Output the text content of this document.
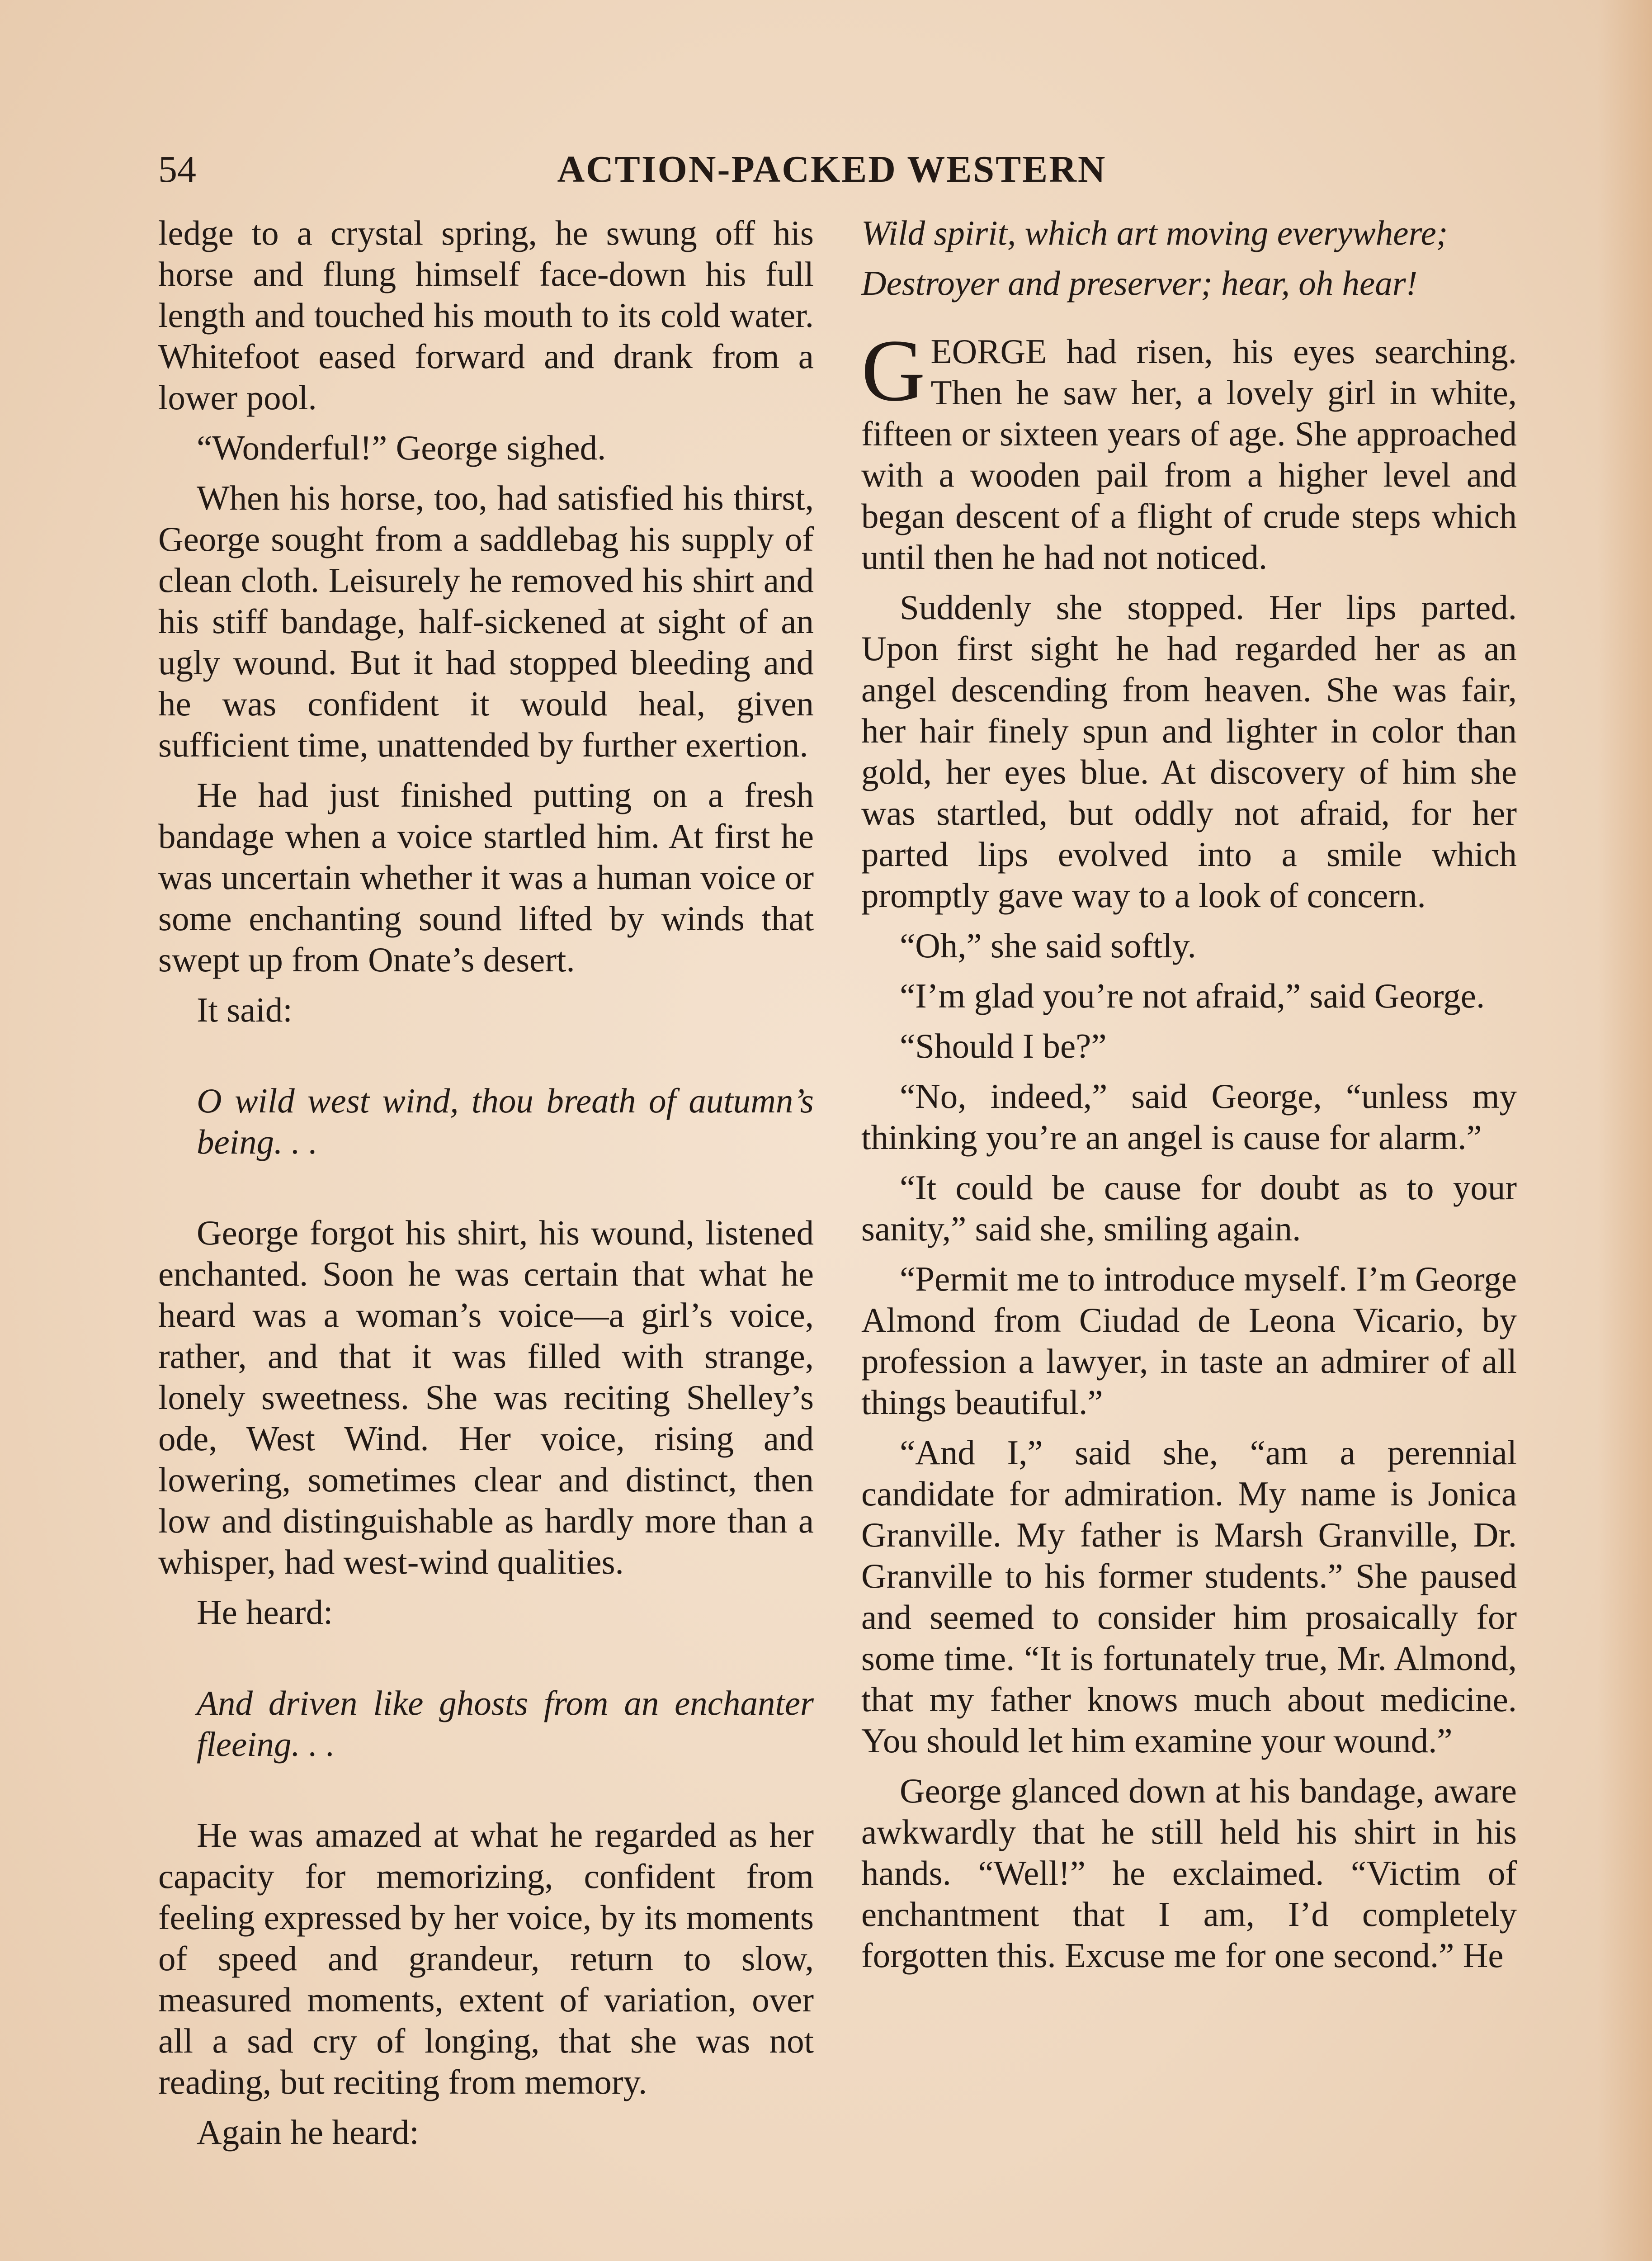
54	ACTION-PACKED WESTERN

ledge to a crystal spring, he swung off his horse and flung himself face-down his full length and touched his mouth to its cold water. Whitefoot eased forward and drank from a lower pool.

“Wonderful!” George sighed.

When his horse, too, had satisfied his thirst, George sought from a saddlebag his supply of clean cloth. Leisurely he removed his shirt and his stiff bandage, half-sickened at sight of an ugly wound. But it had stopped bleeding and he was confident it would heal, given sufficient time, unattended by further exertion.

He had just finished putting on a fresh bandage when a voice startled him. At first he was uncertain whether it was a human voice or some enchanting sound lifted by winds that swept up from Onate’s desert.

It said:

O wild west wind, thou breath of autumn’s being. . .

George forgot his shirt, his wound, listened enchanted. Soon he was certain that what he heard was a woman’s voice—a girl’s voice, rather, and that it was filled with strange, lonely sweetness. She was reciting Shelley’s ode, West Wind. Her voice, rising and lowering, sometimes clear and distinct, then low and distinguishable as hardly more than a whisper, had west-wind qualities.

He heard:

And driven like ghosts from an enchanter fleeing. . .

He was amazed at what he regarded as her capacity for memorizing, confident from feeling expressed by her voice, by its moments of speed and grandeur, return to slow, measured moments, extent of variation, over all a sad cry of longing, that she was not reading, but reciting from memory.

Again he heard:

Wild spirit, which art moving everywhere;
Destroyer and preserver; hear, oh hear!

GEORGE had risen, his eyes searching. Then he saw her, a lovely girl in white, fifteen or sixteen years of age. She approached with a wooden pail from a higher level and began descent of a flight of crude steps which until then he had not noticed.

Suddenly she stopped. Her lips parted. Upon first sight he had regarded her as an angel descending from heaven. She was fair, her hair finely spun and lighter in color than gold, her eyes blue. At discovery of him she was startled, but oddly not afraid, for her parted lips evolved into a smile which promptly gave way to a look of concern.

“Oh,” she said softly.

“I’m glad you’re not afraid,” said George.

“Should I be?”

“No, indeed,” said George, “unless my thinking you’re an angel is cause for alarm.”

“It could be cause for doubt as to your sanity,” said she, smiling again.

“Permit me to introduce myself. I’m George Almond from Ciudad de Leona Vicario, by profession a lawyer, in taste an admirer of all things beautiful.”

“And I,” said she, “am a perennial candidate for admiration. My name is Jonica Granville. My father is Marsh Granville, Dr. Granville to his former students.” She paused and seemed to consider him prosaically for some time. “It is fortunately true, Mr. Almond, that my father knows much about medicine. You should let him examine your wound.”

George glanced down at his bandage, aware awkwardly that he still held his shirt in his hands. “Well!” he exclaimed. “Victim of enchantment that I am, I’d completely forgotten this. Excuse me for one second.” He
